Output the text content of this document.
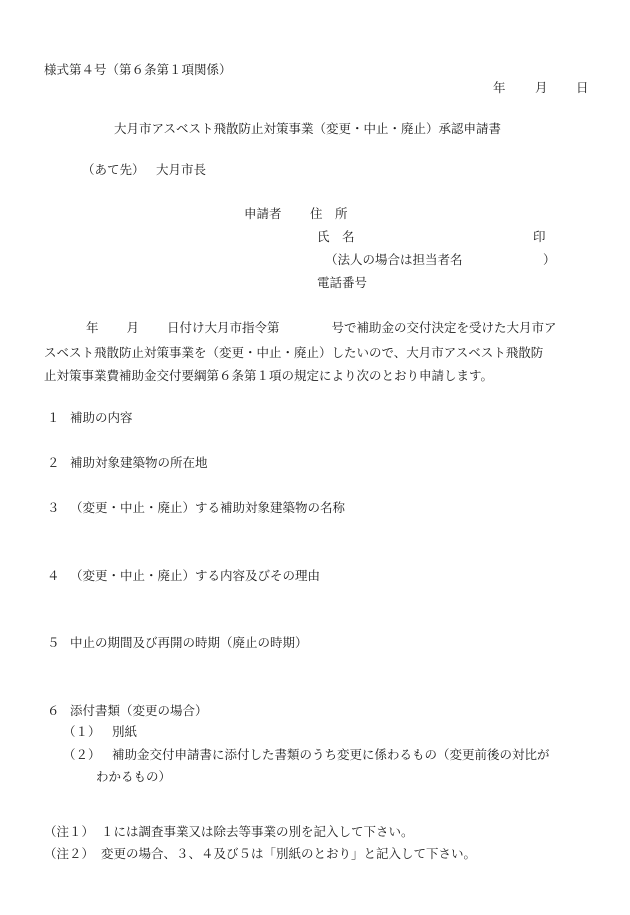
様式第４号（第６条第１項関係）
年 月 日
大月市アスベスト飛散防止対策事業（変更・中止・廃止）承認申請書
（あて先） 大月市長
申請者 住　所
氏　名	印
（法人の場合は担当者名	）
電話番号
年 月 日付け大月市指令第	号で補助金の交付決定を受けた大月市ア
スベスト飛散防止対策事業を（変更・中止・廃止）したいので、大月市アスベスト飛散防
止対策事業費補助金交付要綱第６条第１項の規定により次のとおり申請します。
１ 補助の内容
２ 補助対象建築物の所在地
３ （変更・中止・廃止）する補助対象建築物の名称
４ （変更・中止・廃止）する内容及びその理由
５ 中止の期間及び再開の時期（廃止の時期）
６ 添付書類（変更の場合）
（１） 別紙
（２） 補助金交付申請書に添付した書類のうち変更に係わるもの（変更前後の対比が
わかるもの）
（注１） １には調査事業又は除去等事業の別を記入して下さい。
（注２） 変更の場合、３、４及び５は「別紙のとおり」と記入して下さい。
